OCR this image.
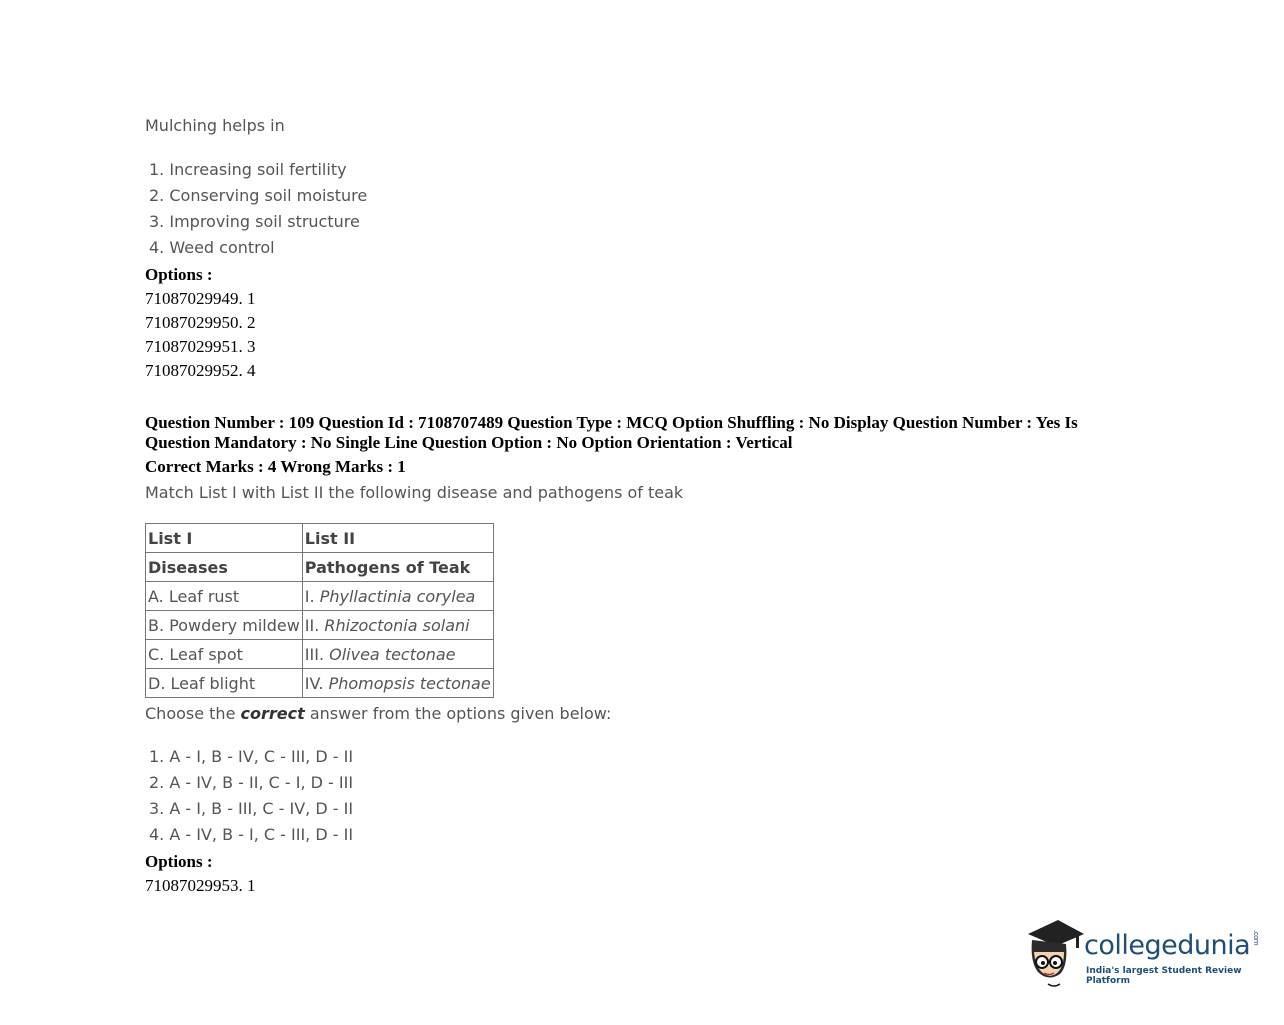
Mulching helps in
1. Increasing soil fertility
2. Conserving soil moisture
3. Improving soil structure
4. Weed control
Options :
71087029949. 1
71087029950. 2
71087029951. 3
71087029952. 4
Question Number : 109 Question Id : 7108707489 Question Type : MCQ Option Shuffling : No Display Question Number : Yes Is
Question Mandatory : No Single Line Question Option : No Option Orientation : Vertical
Correct Marks : 4 Wrong Marks : 1
Match List I with List II the following disease and pathogens of teak
List I	List II
Diseases	Pathogens of Teak
A. Leaf rust	I. Phyllactinia corylea
B. Powdery mildew	II. Rhizoctonia solani
C. Leaf spot	III. Olivea tectonae
D. Leaf blight	IV. Phomopsis tectonae
Choose the correct answer from the options given below:
1. A - I, B - IV, C - III, D - II
2. A - IV, B - II, C - I, D - III
3. A - I, B - III, C - IV, D - II
4. A - IV, B - I, C - III, D - II
Options :
71087029953. 1
collegedunia .com
India's largest Student Review Platform
